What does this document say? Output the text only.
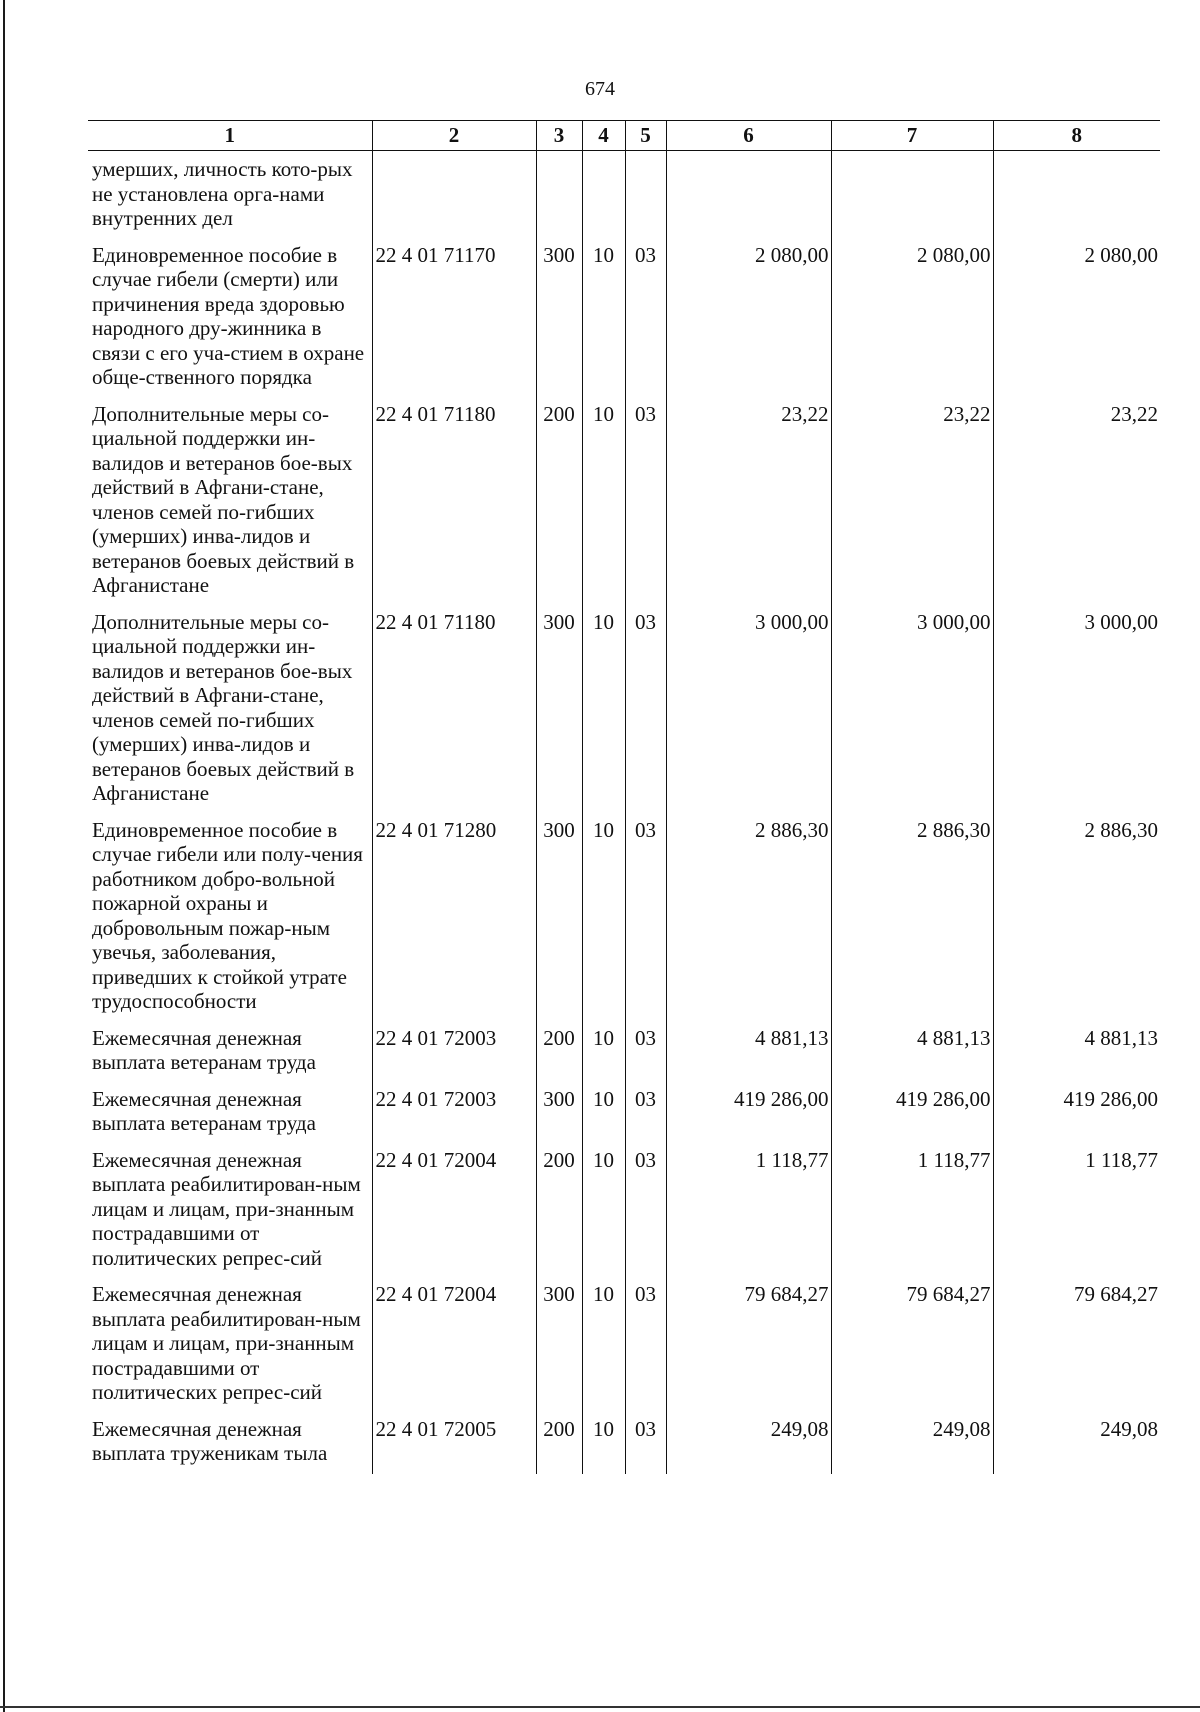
674
1	2	3	4	5	6	7	8
умерших, личность кото-рых не установлена орга-нами внутренних дел							
Единовременное пособие в случае гибели (смерти) или причинения вреда здоровью народного дру-жинника в связи с его уча-стием в охране обще-ственного порядка	22 4 01 71170	300	10	03	2 080,00	2 080,00	2 080,00
Дополнительные меры со-циальной поддержки ин-валидов и ветеранов бое-вых действий в Афгани-стане, членов семей по-гибших (умерших) инва-лидов и ветеранов боевых действий в Афганистане	22 4 01 71180	200	10	03	23,22	23,22	23,22
Дополнительные меры со-циальной поддержки ин-валидов и ветеранов бое-вых действий в Афгани-стане, членов семей по-гибших (умерших) инва-лидов и ветеранов боевых действий в Афганистане	22 4 01 71180	300	10	03	3 000,00	3 000,00	3 000,00
Единовременное пособие в случае гибели или полу-чения работником добро-вольной пожарной охраны и добровольным пожар-ным увечья, заболевания, приведших к стойкой утрате трудоспособности	22 4 01 71280	300	10	03	2 886,30	2 886,30	2 886,30
Ежемесячная денежная выплата ветеранам труда	22 4 01 72003	200	10	03	4 881,13	4 881,13	4 881,13
Ежемесячная денежная выплата ветеранам труда	22 4 01 72003	300	10	03	419 286,00	419 286,00	419 286,00
Ежемесячная денежная выплата реабилитирован-ным лицам и лицам, при-знанным пострадавшими от политических репрес-сий	22 4 01 72004	200	10	03	1 118,77	1 118,77	1 118,77
Ежемесячная денежная выплата реабилитирован-ным лицам и лицам, при-знанным пострадавшими от политических репрес-сий	22 4 01 72004	300	10	03	79 684,27	79 684,27	79 684,27
Ежемесячная денежная выплата труженикам тыла	22 4 01 72005	200	10	03	249,08	249,08	249,08
